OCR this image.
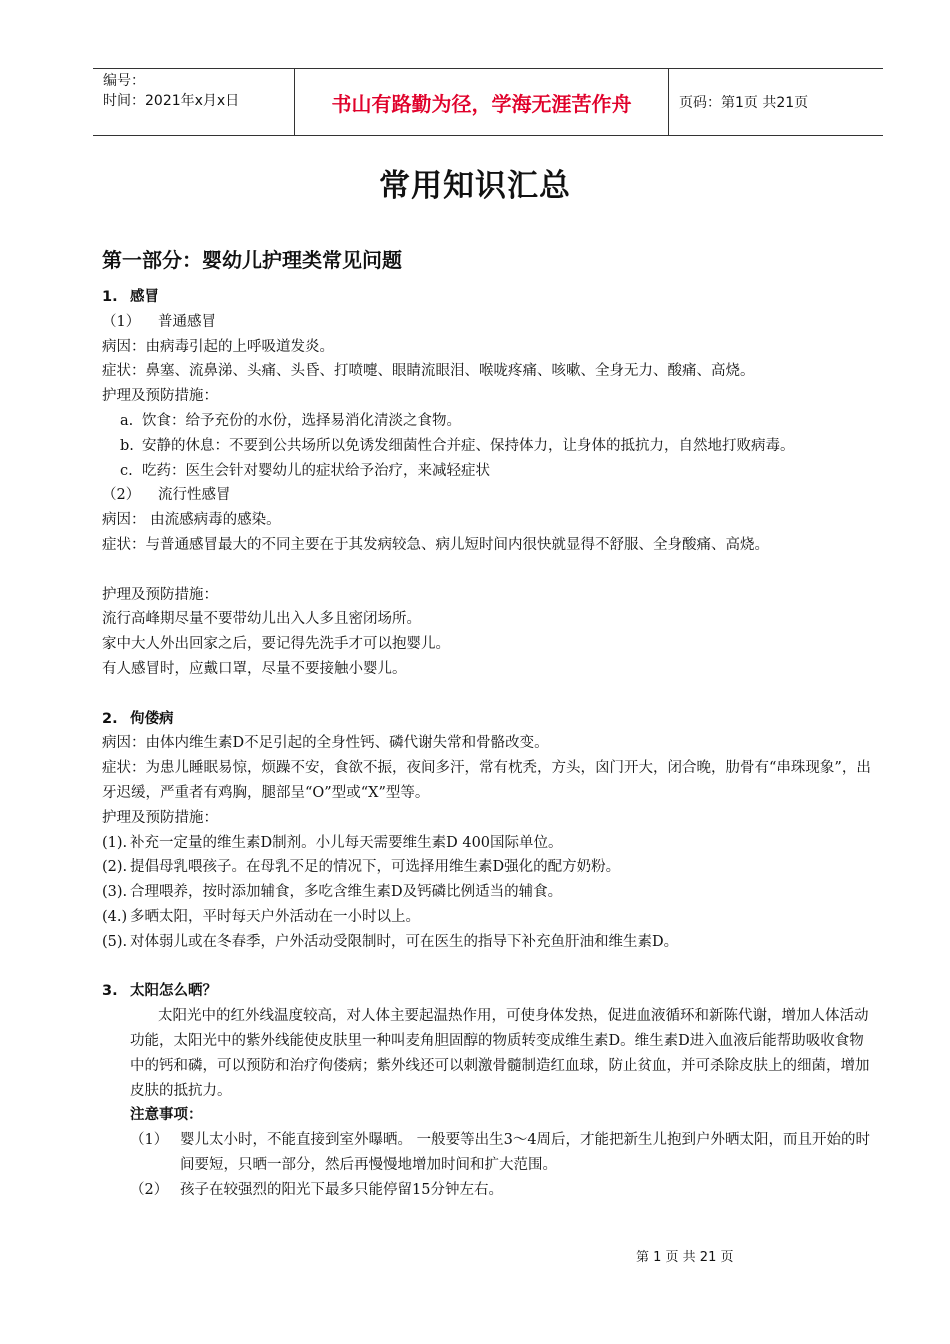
编号：
时间：2021年x月x日	书山有路勤为径，学海无涯苦作舟	页码：第1页 共21页
常用知识汇总
第一部分：婴幼儿护理类常见问题

1. 感冒

（1） 普通感冒

病因：由病毒引起的上呼吸道发炎。

症状：鼻塞、流鼻涕、头痛、头昏、打喷嚏、眼睛流眼泪、喉咙疼痛、咳嗽、全身无力、酸痛、高烧。

护理及预防措施：

a. 饮食：给予充份的水份，选择易消化清淡之食物。

b. 安静的休息：不要到公共场所以免诱发细菌性合并症、保持体力，让身体的抵抗力，自然地打败病毒。

c. 吃药：医生会针对婴幼儿的症状给予治疗，来减轻症状

（2） 流行性感冒

病因： 由流感病毒的感染。

症状：与普通感冒最大的不同主要在于其发病较急、病儿短时间内很快就显得不舒服、全身酸痛、高烧。

护理及预防措施：

流行高峰期尽量不要带幼儿出入人多且密闭场所。

家中大人外出回家之后，要记得先洗手才可以抱婴儿。

有人感冒时，应戴口罩，尽量不要接触小婴儿。

2. 佝偻病

病因：由体内维生素D不足引起的全身性钙、磷代谢失常和骨骼改变。

症状：为患儿睡眠易惊，烦躁不安，食欲不振，夜间多汗，常有枕秃，方头，囟门开大，闭合晚，肋骨有“串珠现象”，出牙迟缓，严重者有鸡胸，腿部呈“O”型或“X”型等。

护理及预防措施：

(1). 补充一定量的维生素D制剂。小儿每天需要维生素D 400国际单位。

(2). 提倡母乳喂孩子。在母乳不足的情况下，可选择用维生素D强化的配方奶粉。

(3). 合理喂养，按时添加辅食，多吃含维生素D及钙磷比例适当的辅食。

(4.) 多晒太阳，平时每天户外活动在一小时以上。

(5). 对体弱儿或在冬春季，户外活动受限制时，可在医生的指导下补充鱼肝油和维生素D。

3. 太阳怎么晒？

太阳光中的红外线温度较高，对人体主要起温热作用，可使身体发热，促进血液循环和新陈代谢，增加人体活动功能，太阳光中的紫外线能使皮肤里一种叫麦角胆固醇的物质转变成维生素D。维生素D进入血液后能帮助吸收食物中的钙和磷，可以预防和治疗佝偻病；紫外线还可以刺激骨髓制造红血球，防止贫血，并可杀除皮肤上的细菌，增加皮肤的抵抗力。

注意事项：

（1） 婴儿太小时，不能直接到室外曝晒。 一般要等出生3～4周后，才能把新生儿抱到户外晒太阳，而且开始的时间要短，只晒一部分，然后再慢慢地增加时间和扩大范围。

（2） 孩子在较强烈的阳光下最多只能停留15分钟左右。

第 1 页 共 21 页
